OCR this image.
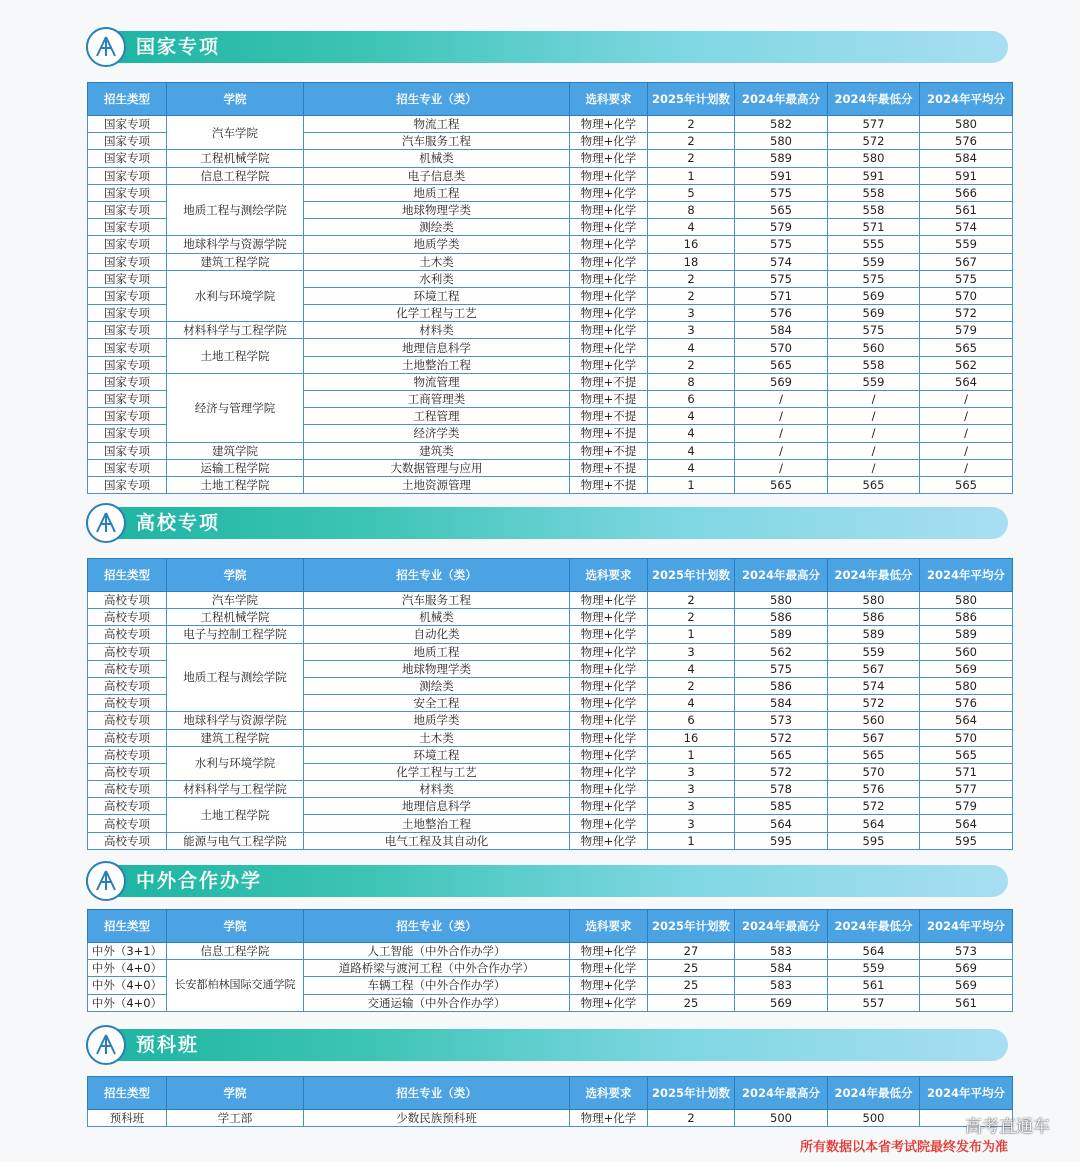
国家专项
招生类型	学院	招生专业（类）	选科要求	2025年计划数	2024年最高分	2024年最低分	2024年平均分
国家专项	汽车学院	物流工程	物理+化学	2	582	577	580
国家专项		汽车服务工程	物理+化学	2	580	572	576
国家专项	工程机械学院	机械类	物理+化学	2	589	580	584
国家专项	信息工程学院	电子信息类	物理+化学	1	591	591	591
国家专项	地质工程与测绘学院	地质工程	物理+化学	5	575	558	566
国家专项		地球物理学类	物理+化学	8	565	558	561
国家专项		测绘类	物理+化学	4	579	571	574
国家专项	地球科学与资源学院	地质学类	物理+化学	16	575	555	559
国家专项	建筑工程学院	土木类	物理+化学	18	574	559	567
国家专项	水利与环境学院	水利类	物理+化学	2	575	575	575
国家专项		环境工程	物理+化学	2	571	569	570
国家专项		化学工程与工艺	物理+化学	3	576	569	572
国家专项	材料科学与工程学院	材料类	物理+化学	3	584	575	579
国家专项	土地工程学院	地理信息科学	物理+化学	4	570	560	565
国家专项		土地整治工程	物理+化学	2	565	558	562
国家专项	经济与管理学院	物流管理	物理+不提	8	569	559	564
国家专项		工商管理类	物理+不提	6	/	/	/
国家专项		工程管理	物理+不提	4	/	/	/
国家专项		经济学类	物理+不提	4	/	/	/
国家专项	建筑学院	建筑类	物理+不提	4	/	/	/
国家专项	运输工程学院	大数据管理与应用	物理+不提	4	/	/	/
国家专项	土地工程学院	土地资源管理	物理+不提	1	565	565	565
高校专项
招生类型	学院	招生专业（类）	选科要求	2025年计划数	2024年最高分	2024年最低分	2024年平均分
高校专项	汽车学院	汽车服务工程	物理+化学	2	580	580	580
高校专项	工程机械学院	机械类	物理+化学	2	586	586	586
高校专项	电子与控制工程学院	自动化类	物理+化学	1	589	589	589
高校专项	地质工程与测绘学院	地质工程	物理+化学	3	562	559	560
高校专项		地球物理学类	物理+化学	4	575	567	569
高校专项		测绘类	物理+化学	2	586	574	580
高校专项		安全工程	物理+化学	4	584	572	576
高校专项	地球科学与资源学院	地质学类	物理+化学	6	573	560	564
高校专项	建筑工程学院	土木类	物理+化学	16	572	567	570
高校专项	水利与环境学院	环境工程	物理+化学	1	565	565	565
高校专项		化学工程与工艺	物理+化学	3	572	570	571
高校专项	材料科学与工程学院	材料类	物理+化学	3	578	576	577
高校专项	土地工程学院	地理信息科学	物理+化学	3	585	572	579
高校专项		土地整治工程	物理+化学	3	564	564	564
高校专项	能源与电气工程学院	电气工程及其自动化	物理+化学	1	595	595	595
中外合作办学
招生类型	学院	招生专业（类）	选科要求	2025年计划数	2024年最高分	2024年最低分	2024年平均分
中外（3+1）	信息工程学院	人工智能（中外合作办学）	物理+化学	27	583	564	573
中外（4+0）	长安都柏林国际交通学院	道路桥梁与渡河工程（中外合作办学）	物理+化学	25	584	559	569
中外（4+0）		车辆工程（中外合作办学）	物理+化学	25	583	561	569
中外（4+0）		交通运输（中外合作办学）	物理+化学	25	569	557	561
预科班
招生类型	学院	招生专业（类）	选科要求	2025年计划数	2024年最高分	2024年最低分	2024年平均分
预科班	学工部	少数民族预科班	物理+化学	2	500	500		高考直通车
所有数据以本省考试院最终发布为准
